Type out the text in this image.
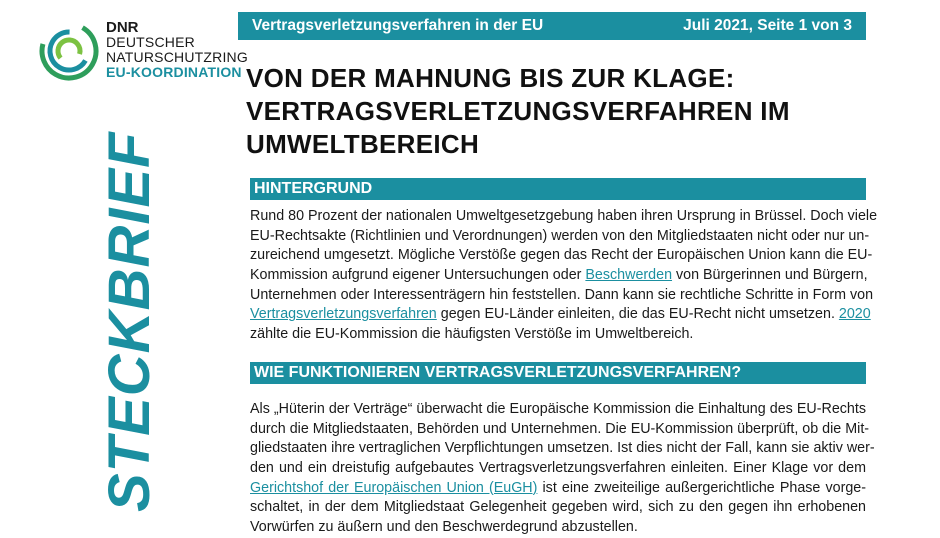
DNR
DEUTSCHER
NATURSCHUTZRING
EU-KOORDINATION
STECKBRIEF
Vertragsverletzungsverfahren in der EU	Juli 2021, Seite 1 von 3
VON DER MAHNUNG BIS ZUR KLAGE:
VERTRAGSVERLETZUNGSVERFAHREN IM
UMWELTBEREICH
HINTERGRUND
Rund 80 Prozent der nationalen Umweltgesetzgebung haben ihren Ursprung in Brüssel. Doch viele
EU-Rechtsakte (Richtlinien und Verordnungen) werden von den Mitgliedstaaten nicht oder nur un-
zureichend umgesetzt. Mögliche Verstöße gegen das Recht der Europäischen Union kann die EU-
Kommission aufgrund eigener Untersuchungen oder Beschwerden von Bürgerinnen und Bürgern,
Unternehmen oder Interessenträgern hin feststellen. Dann kann sie rechtliche Schritte in Form von
Vertragsverletzungsverfahren gegen EU-Länder einleiten, die das EU-Recht nicht umsetzen. 2020
zählte die EU-Kommission die häufigsten Verstöße im Umweltbereich.
WIE FUNKTIONIEREN VERTRAGSVERLETZUNGSVERFAHREN?
Als „Hüterin der Verträge“ überwacht die Europäische Kommission die Einhaltung des EU-Rechts
durch die Mitgliedstaaten, Behörden und Unternehmen. Die EU-Kommission überprüft, ob die Mit-
gliedstaaten ihre vertraglichen Verpflichtungen umsetzen. Ist dies nicht der Fall, kann sie aktiv wer-
den und ein dreistufig aufgebautes Vertragsverletzungsverfahren einleiten. Einer Klage vor dem
Gerichtshof der Europäischen Union (EuGH) ist eine zweiteilige außergerichtliche Phase vorge-
schaltet, in der dem Mitgliedstaat Gelegenheit gegeben wird, sich zu den gegen ihn erhobenen
Vorwürfen zu äußern und den Beschwerdegrund abzustellen.
